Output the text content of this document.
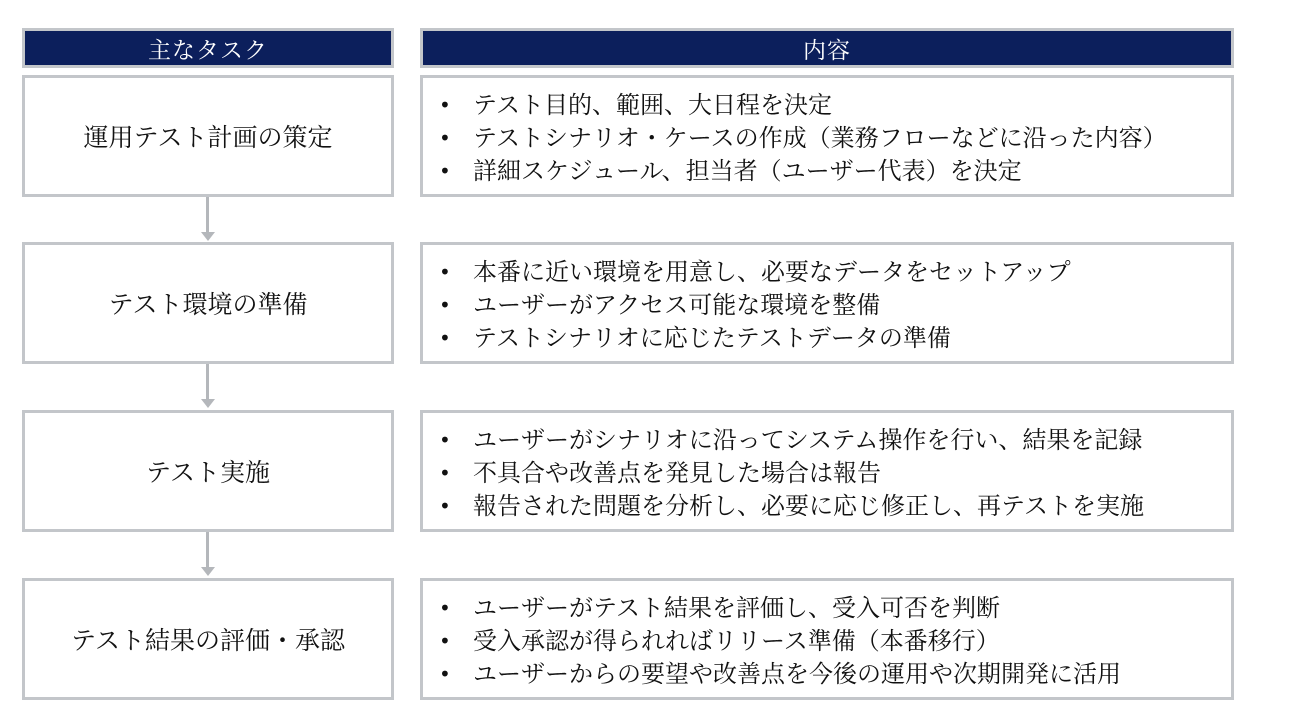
主なタスク	内容
運用テスト計画の策定
• テスト目的、範囲、大日程を決定
• テストシナリオ・ケースの作成（業務フローなどに沿った内容）
• 詳細スケジュール、担当者（ユーザー代表）を決定
テスト環境の準備
• 本番に近い環境を用意し、必要なデータをセットアップ
• ユーザーがアクセス可能な環境を整備
• テストシナリオに応じたテストデータの準備
テスト実施
• ユーザーがシナリオに沿ってシステム操作を行い、結果を記録
• 不具合や改善点を発見した場合は報告
• 報告された問題を分析し、必要に応じ修正し、再テストを実施
テスト結果の評価・承認
• ユーザーがテスト結果を評価し、受入可否を判断
• 受入承認が得られればリリース準備（本番移行）
• ユーザーからの要望や改善点を今後の運用や次期開発に活用
